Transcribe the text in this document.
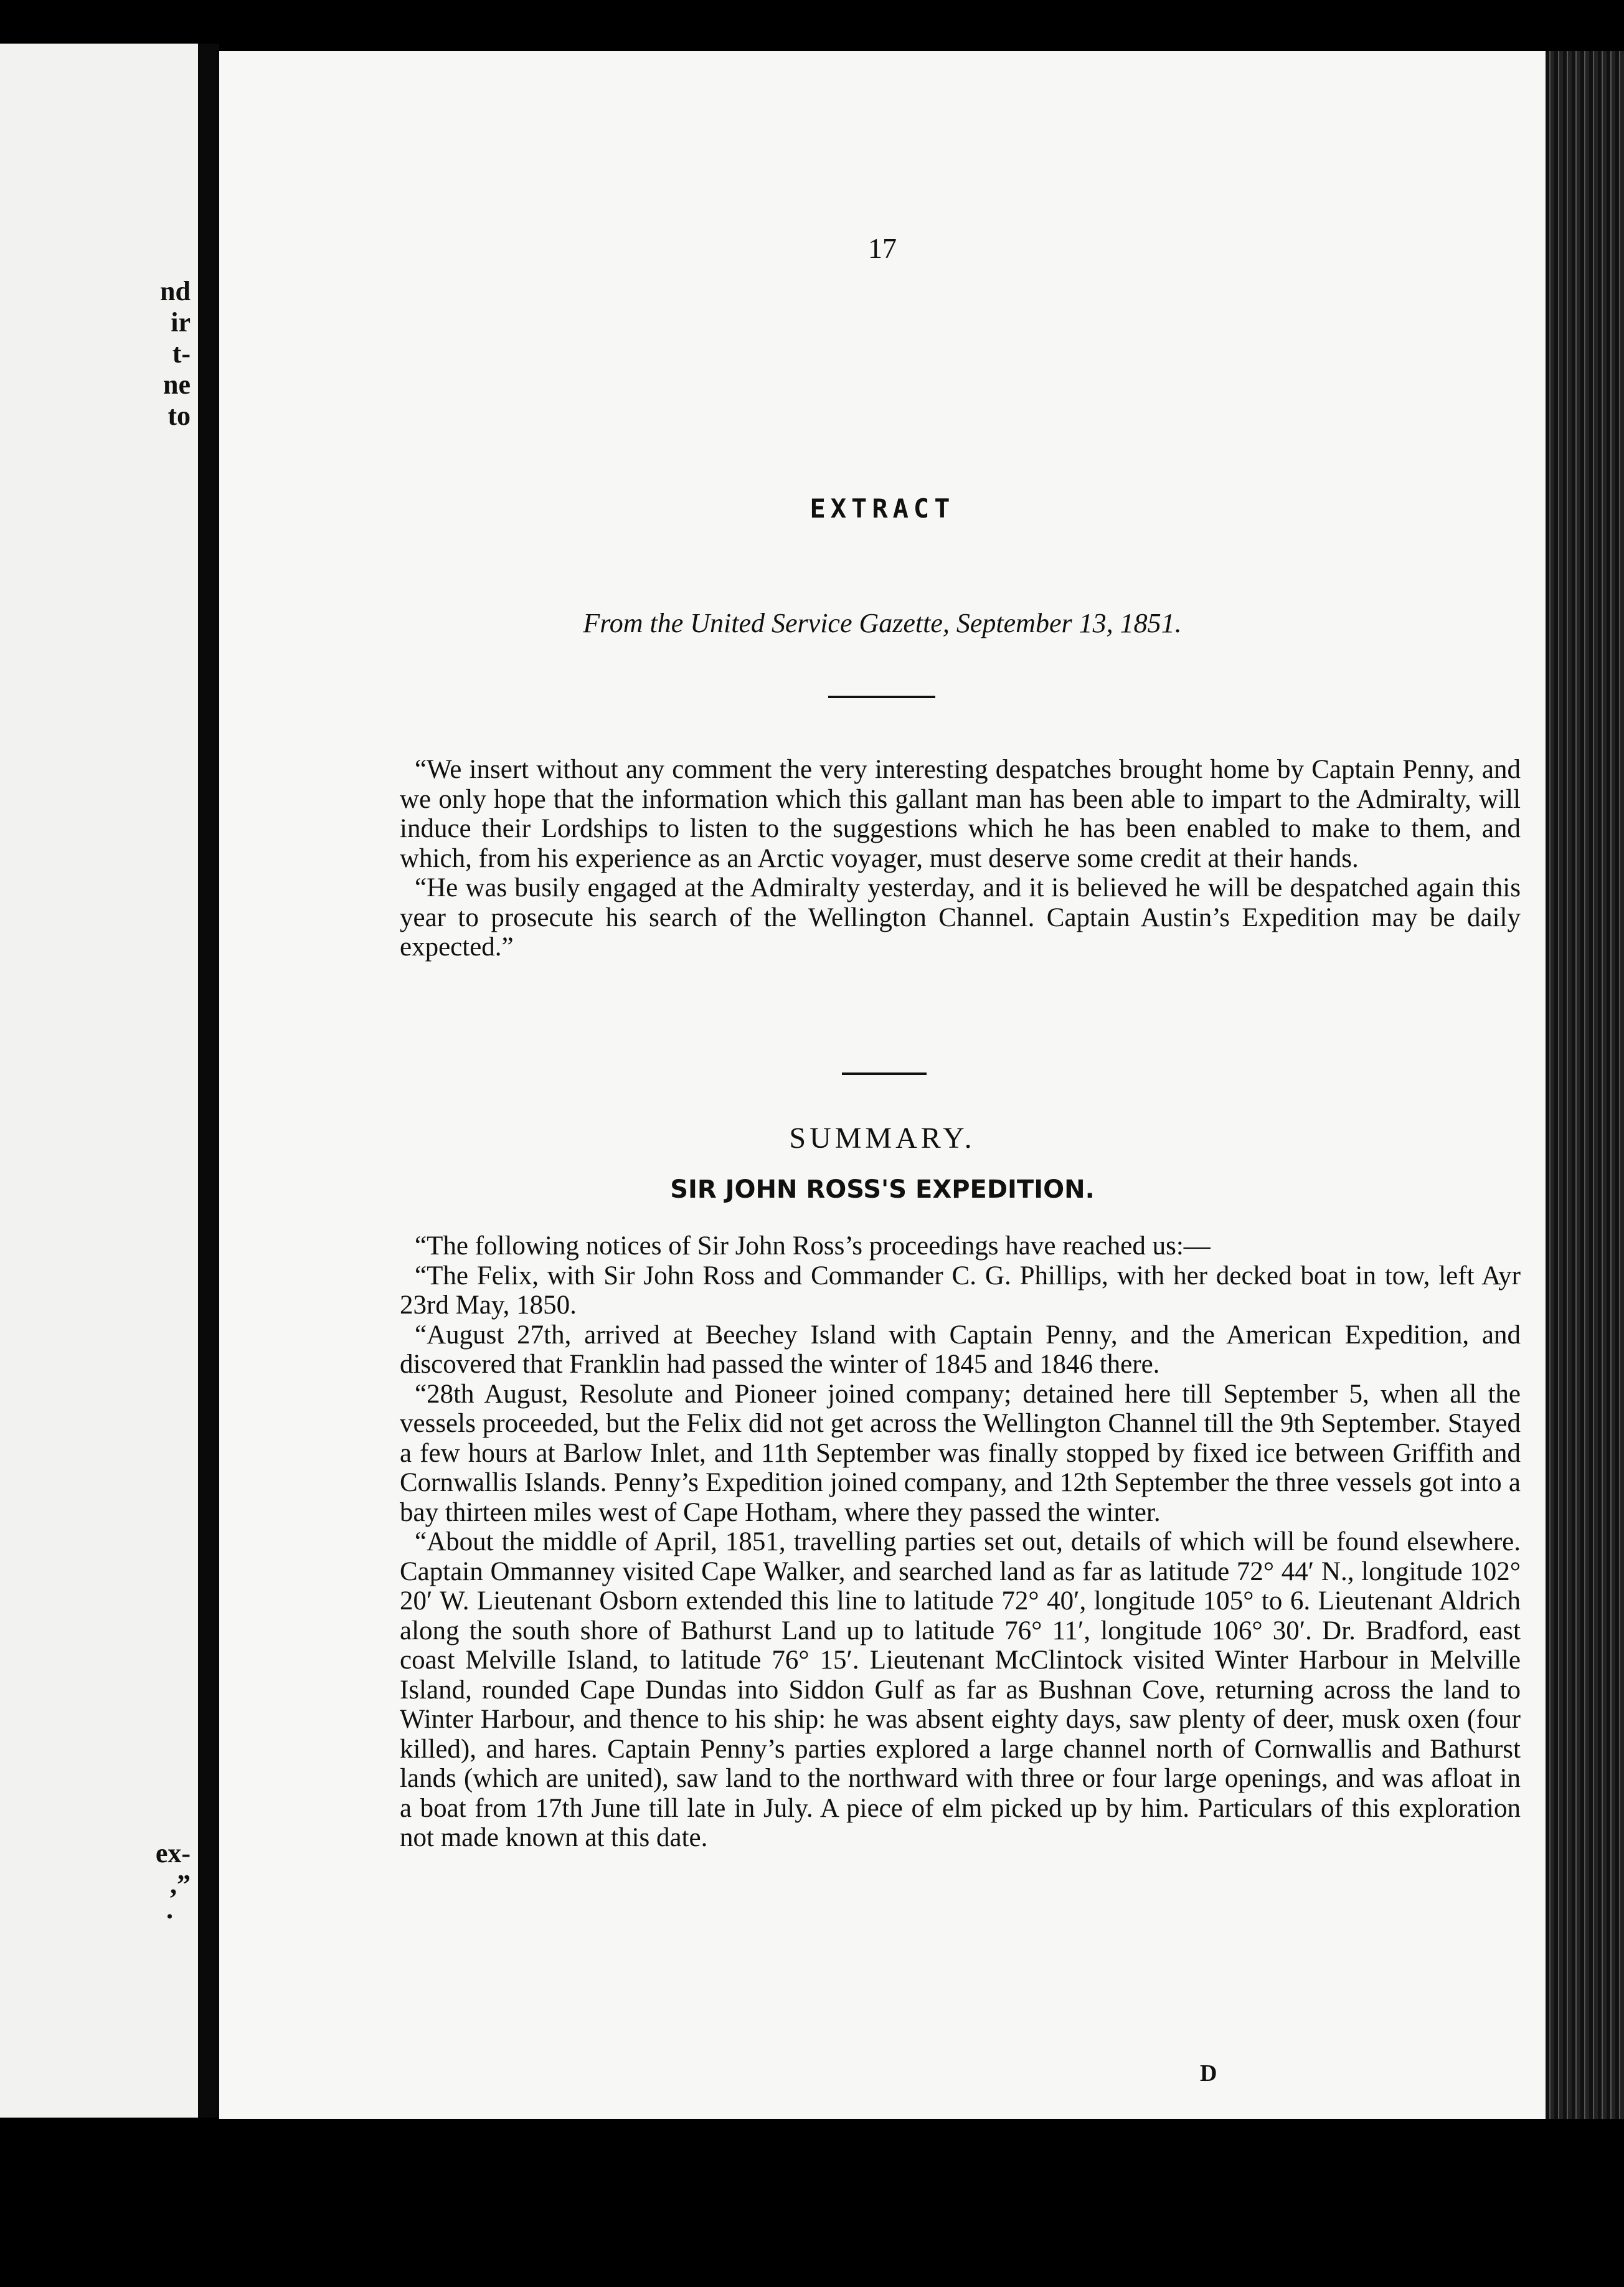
nd
ir
t-
ne
to
ex-
,”
.
17
EXTRACT
From the United Service Gazette, September 13, 1851.

“We insert without any comment the very interesting despatches brought home by Captain Penny, and we only hope that the information which this gallant man has been able to impart to the Admiralty, will induce their Lordships to listen to the suggestions which he has been enabled to make to them, and which, from his experience as an Arctic voyager, must deserve some credit at their hands.

“He was busily engaged at the Admiralty yesterday, and it is believed he will be despatched again this year to prosecute his search of the Wellington Channel. Captain Austin’s Expedition may be daily expected.”

SUMMARY.
SIR JOHN ROSS'S EXPEDITION.

“The following notices of Sir John Ross’s proceedings have reached us:—

“The Felix, with Sir John Ross and Commander C. G. Phillips, with her decked boat in tow, left Ayr 23rd May, 1850.

“August 27th, arrived at Beechey Island with Captain Penny, and the American Expedition, and discovered that Franklin had passed the winter of 1845 and 1846 there.

“28th August, Resolute and Pioneer joined company; detained here till September 5, when all the vessels proceeded, but the Felix did not get across the Wellington Channel till the 9th September. Stayed a few hours at Barlow Inlet, and 11th September was finally stopped by fixed ice between Griffith and Cornwallis Islands. Penny’s Expedition joined company, and 12th September the three vessels got into a bay thirteen miles west of Cape Hotham, where they passed the winter.

“About the middle of April, 1851, travelling parties set out, details of which will be found elsewhere. Captain Ommanney visited Cape Walker, and searched land as far as latitude 72° 44′ N., longitude 102° 20′ W. Lieutenant Osborn extended this line to latitude 72° 40′, longitude 105° to 6. Lieutenant Aldrich along the south shore of Bathurst Land up to latitude 76° 11′, longitude 106° 30′. Dr. Bradford, east coast Melville Island, to latitude 76° 15′. Lieutenant McClintock visited Winter Harbour in Melville Island, rounded Cape Dundas into Siddon Gulf as far as Bushnan Cove, returning across the land to Winter Harbour, and thence to his ship: he was absent eighty days, saw plenty of deer, musk oxen (four killed), and hares. Captain Penny’s parties explored a large channel north of Cornwallis and Bathurst lands (which are united), saw land to the northward with three or four large openings, and was afloat in a boat from 17th June till late in July. A piece of elm picked up by him. Particulars of this exploration not made known at this date.

D
